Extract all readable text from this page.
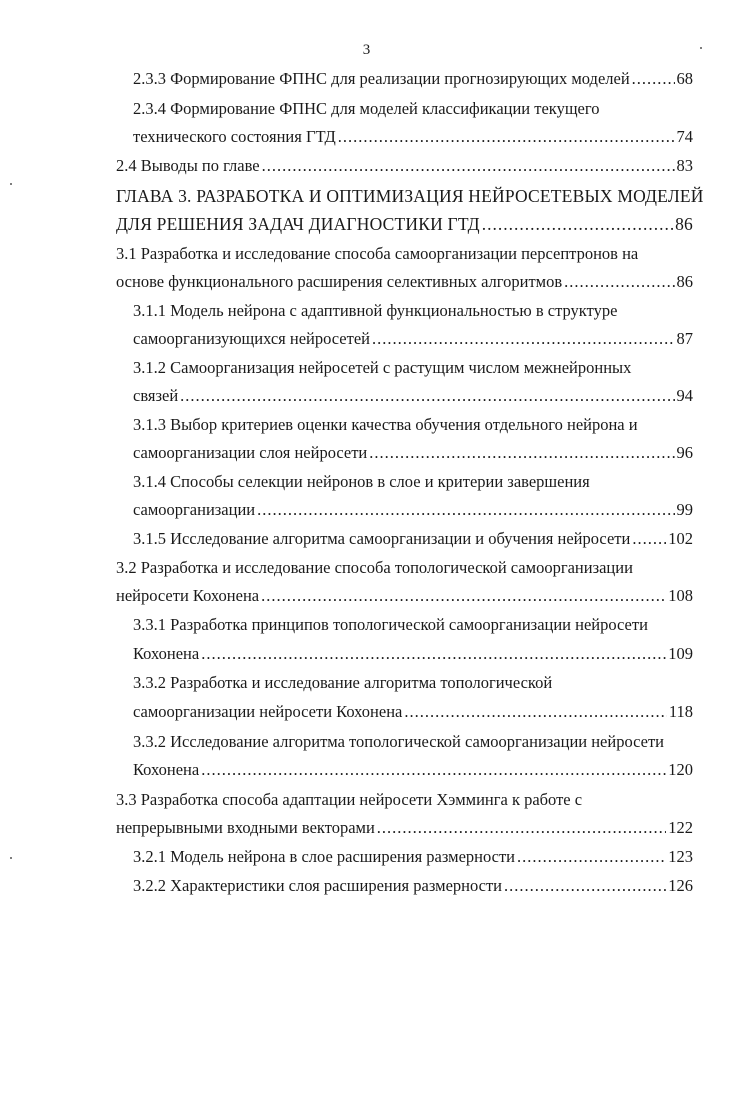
3
2.3.3 Формирование ФПНС для реализации прогнозирующих моделей .....	68
2.3.4 Формирование ФПНС для моделей классификации текущего
технического состояния ГТД .....	74
2.4 Выводы по главе .....	83
ГЛАВА 3. РАЗРАБОТКА И ОПТИМИЗАЦИЯ НЕЙРОСЕТЕВЫХ МОДЕЛЕЙ
ДЛЯ РЕШЕНИЯ ЗАДАЧ ДИАГНОСТИКИ ГТД .....	86
3.1 Разработка и исследование способа самоорганизации персептронов на
основе функционального расширения селективных алгоритмов .....	86
3.1.1 Модель нейрона с адаптивной функциональностью в структуре
самоорганизующихся нейросетей .....	87
3.1.2 Самоорганизация нейросетей с растущим числом межнейронных
связей .....	94
3.1.3 Выбор критериев оценки качества обучения отдельного нейрона и
самоорганизации слоя нейросети .....	96
3.1.4 Способы селекции нейронов в слое и критерии завершения
самоорганизации .....	99
3.1.5 Исследование алгоритма самоорганизации и обучения нейросети ..... 102
3.2 Разработка и исследование способа топологической самоорганизации
нейросети Кохонена .....	108
3.3.1 Разработка принципов топологической самоорганизации нейросети
Кохонена .....	109
3.3.2 Разработка и исследование алгоритма топологической
самоорганизации нейросети Кохонена .....	118
3.3.2 Исследование алгоритма топологической самоорганизации нейросети
Кохонена .....	120
3.3 Разработка способа адаптации нейросети Хэмминга к работе с
непрерывными входными векторами .....	122
3.2.1 Модель нейрона в слое расширения размерности .....	123
3.2.2 Характеристики слоя расширения размерности .....	126
